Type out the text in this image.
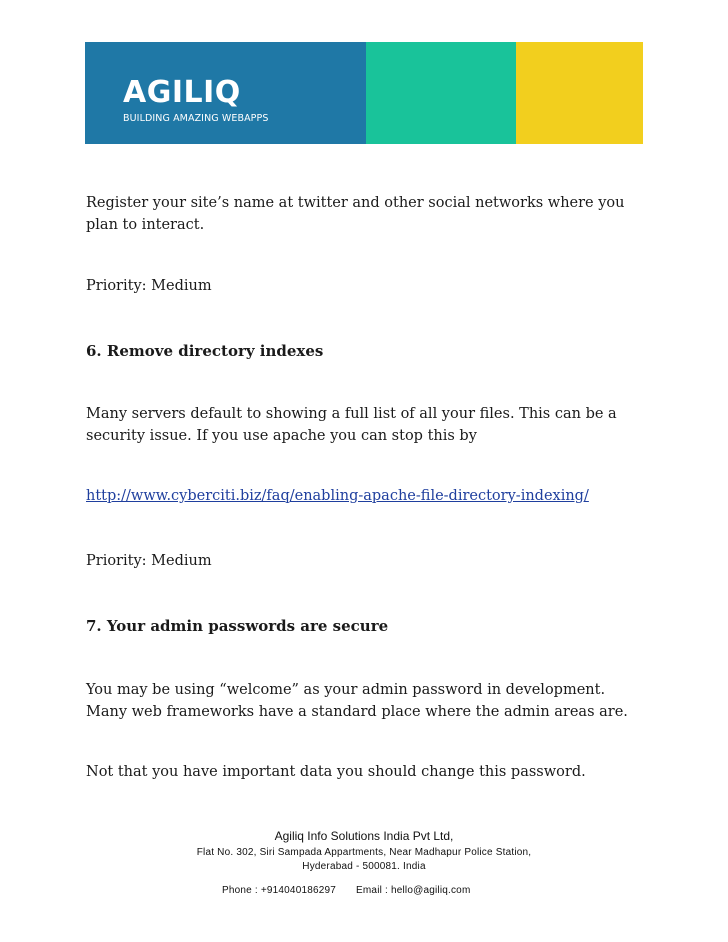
AGILIQ
BUILDING AMAZING WEBAPPS
Register your site’s name at twitter and other social networks where you
plan to interact.
Priority: Medium
6. Remove directory indexes
Many servers default to showing a full list of all your files. This can be a
security issue. If you use apache you can stop this by
http://www.cyberciti.biz/faq/enabling-apache-file-directory-indexing/
Priority: Medium
7. Your admin passwords are secure
You may be using “welcome” as your admin password in development.
Many web frameworks have a standard place where the admin areas are.
Not that you have important data you should change this password.
Agiliq Info Solutions India Pvt Ltd,
Flat No. 302, Siri Sampada Appartments, Near Madhapur Police Station,
Hyderabad - 500081. India
Phone : +914040186297 Email : hello@agiliq.com
